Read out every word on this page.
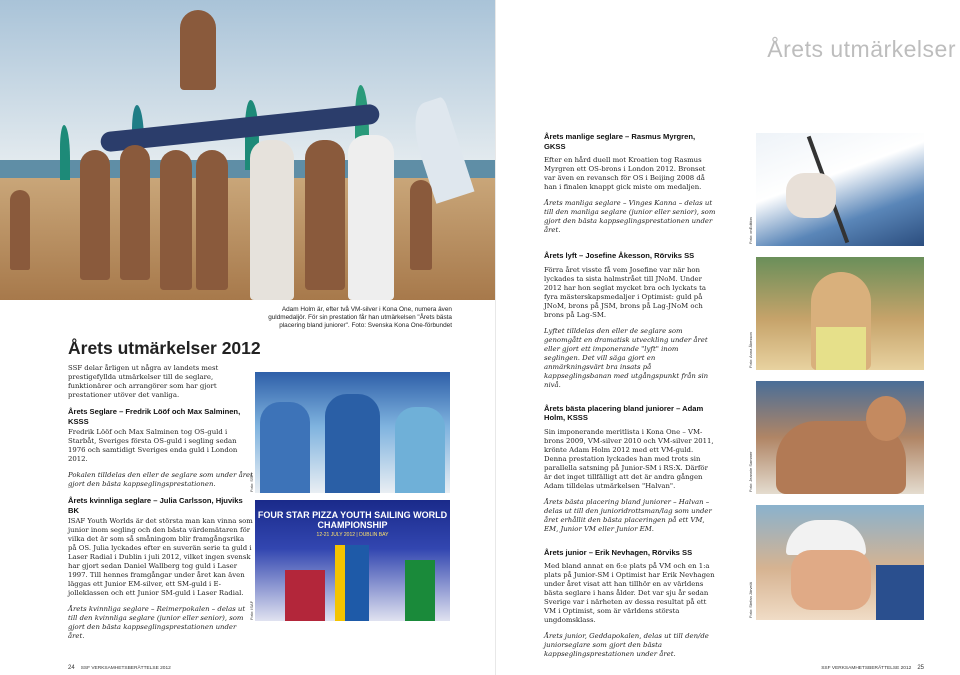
Adam Holm är, efter två VM-silver i Kona One, numera även guldmedaljör. För sin prestation får han utmärkelsen "Årets bästa placering bland juniorer". Foto: Svenska Kona One-förbundet
Årets utmärkelser 2012

SSF delar årligen ut några av landets mest prestigefyllda utmärkelser till de seglare, funktionärer och arrangörer som har gjort prestationer utöver det vanliga.

Årets Seglare – Fredrik Lööf och Max Salminen, KSSS

Fredrik Lööf och Max Salminen tog OS-guld i Starbåt, Sveriges första OS-guld i segling sedan 1976 och samtidigt Sveriges enda guld i London 2012.

Pokalen tilldelas den eller de seglare som under året gjort den bästa kappseglingsprestationen.

Årets kvinnliga seglare – Julia Carlsson, Hjuviks BK

ISAF Youth Worlds är det största man kan vinna som junior inom segling och den bästa värdemätaren för vilka det är som så småningom blir framgångsrika på OS. Julia lyckades efter en suverän serie ta guld i Laser Radial i Dublin i juli 2012, vilket ingen svensk har gjort sedan Daniel Wallberg tog guld i Laser 1997. Till hennes framgångar under året kan även läggas ett Junior EM-silver, ett SM-guld i E-jolleklassen och ett Junior SM-guld i Laser Radial.

Årets kvinnliga seglare – Reimerpokalen – delas ut till den kvinnliga seglare (junior eller senior), som gjort den bästa kappseglingsprestationen under året.

Foto: SSF
FOUR STAR PIZZA YOUTH SAILING WORLD CHAMPIONSHIP
12-21 JULY 2012 | DUBLIN BAY
Foto: ISAF
24 SSF VERKSAMHETSBERÄTTELSE 2012
Årets utmärkelser
Årets manlige seglare – Rasmus Myrgren, GKSS

Efter en hård duell mot Kroatien tog Rasmus Myrgren ett OS-brons i London 2012. Bronset var även en revansch för OS i Beijing 2008 då han i finalen knappt gick miste om medaljen.

Årets manliga seglare – Vinges Kanna – delas ut till den manliga seglare (junior eller senior), som gjort den bästa kappseglingsprestationen under året.

Årets lyft – Josefine Åkesson, Rörviks SS

Förra året visste få vem Josefine var när hon lyckades ta sista halmstrået till JNoM. Under 2012 har hon seglat mycket bra och lyckats ta fyra mästerskapsmedaljer i Optimist: guld på JNoM, brons på JSM, brons på Lag-JNoM och brons på Lag-SM.

Lyftet tilldelas den eller de seglare som genomgått en dramatisk utveckling under året eller gjort ett imponerande "lyft" inom seglingen. Det vill säga gjort en anmärkningsvärt bra insats på kappseglingsbanan med utgångspunkt från sin nivå.

Årets bästa placering bland juniorer – Adam Holm, KSSS

Sin imponerande meritlista i Kona One – VM-brons 2009, VM-silver 2010 och VM-silver 2011, krönte Adam Holm 2012 med ett VM-guld. Denna prestation lyckades han med trots sin parallella satsning på Junior-SM i RS:X. Därför är det inget tillfälligt att det är andra gången Adam tilldelas utmärkelsen "Halvan".

Årets bästa placering bland juniorer – Halvan – delas ut till den junioridrottsman/lag som under året erhållit den bästa placeringen på ett VM, EM, Junior VM eller Junior EM.

Årets junior – Erik Nevhagen, Rörviks SS

Med bland annat en 6:e plats på VM och en 1:a plats på Junior-SM i Optimist har Erik Nevhagen under året visat att han tillhör en av världens bästa seglare i hans ålder. Det var sju år sedan Sverige var i närheten av dessa resultat på ett VM i Optimist, som är världens största ungdomsklass.

Årets junior, Geddapokalen, delas ut till den/de juniorseglare som gjort den bästa kappseglingsprestationen under året.

Foto: onEdition
Foto: Anna Åkesson
Foto: Jeannie Sammer
Foto: Stefan Järvelä
SSF VERKSAMHETSBERÄTTELSE 2012 25
